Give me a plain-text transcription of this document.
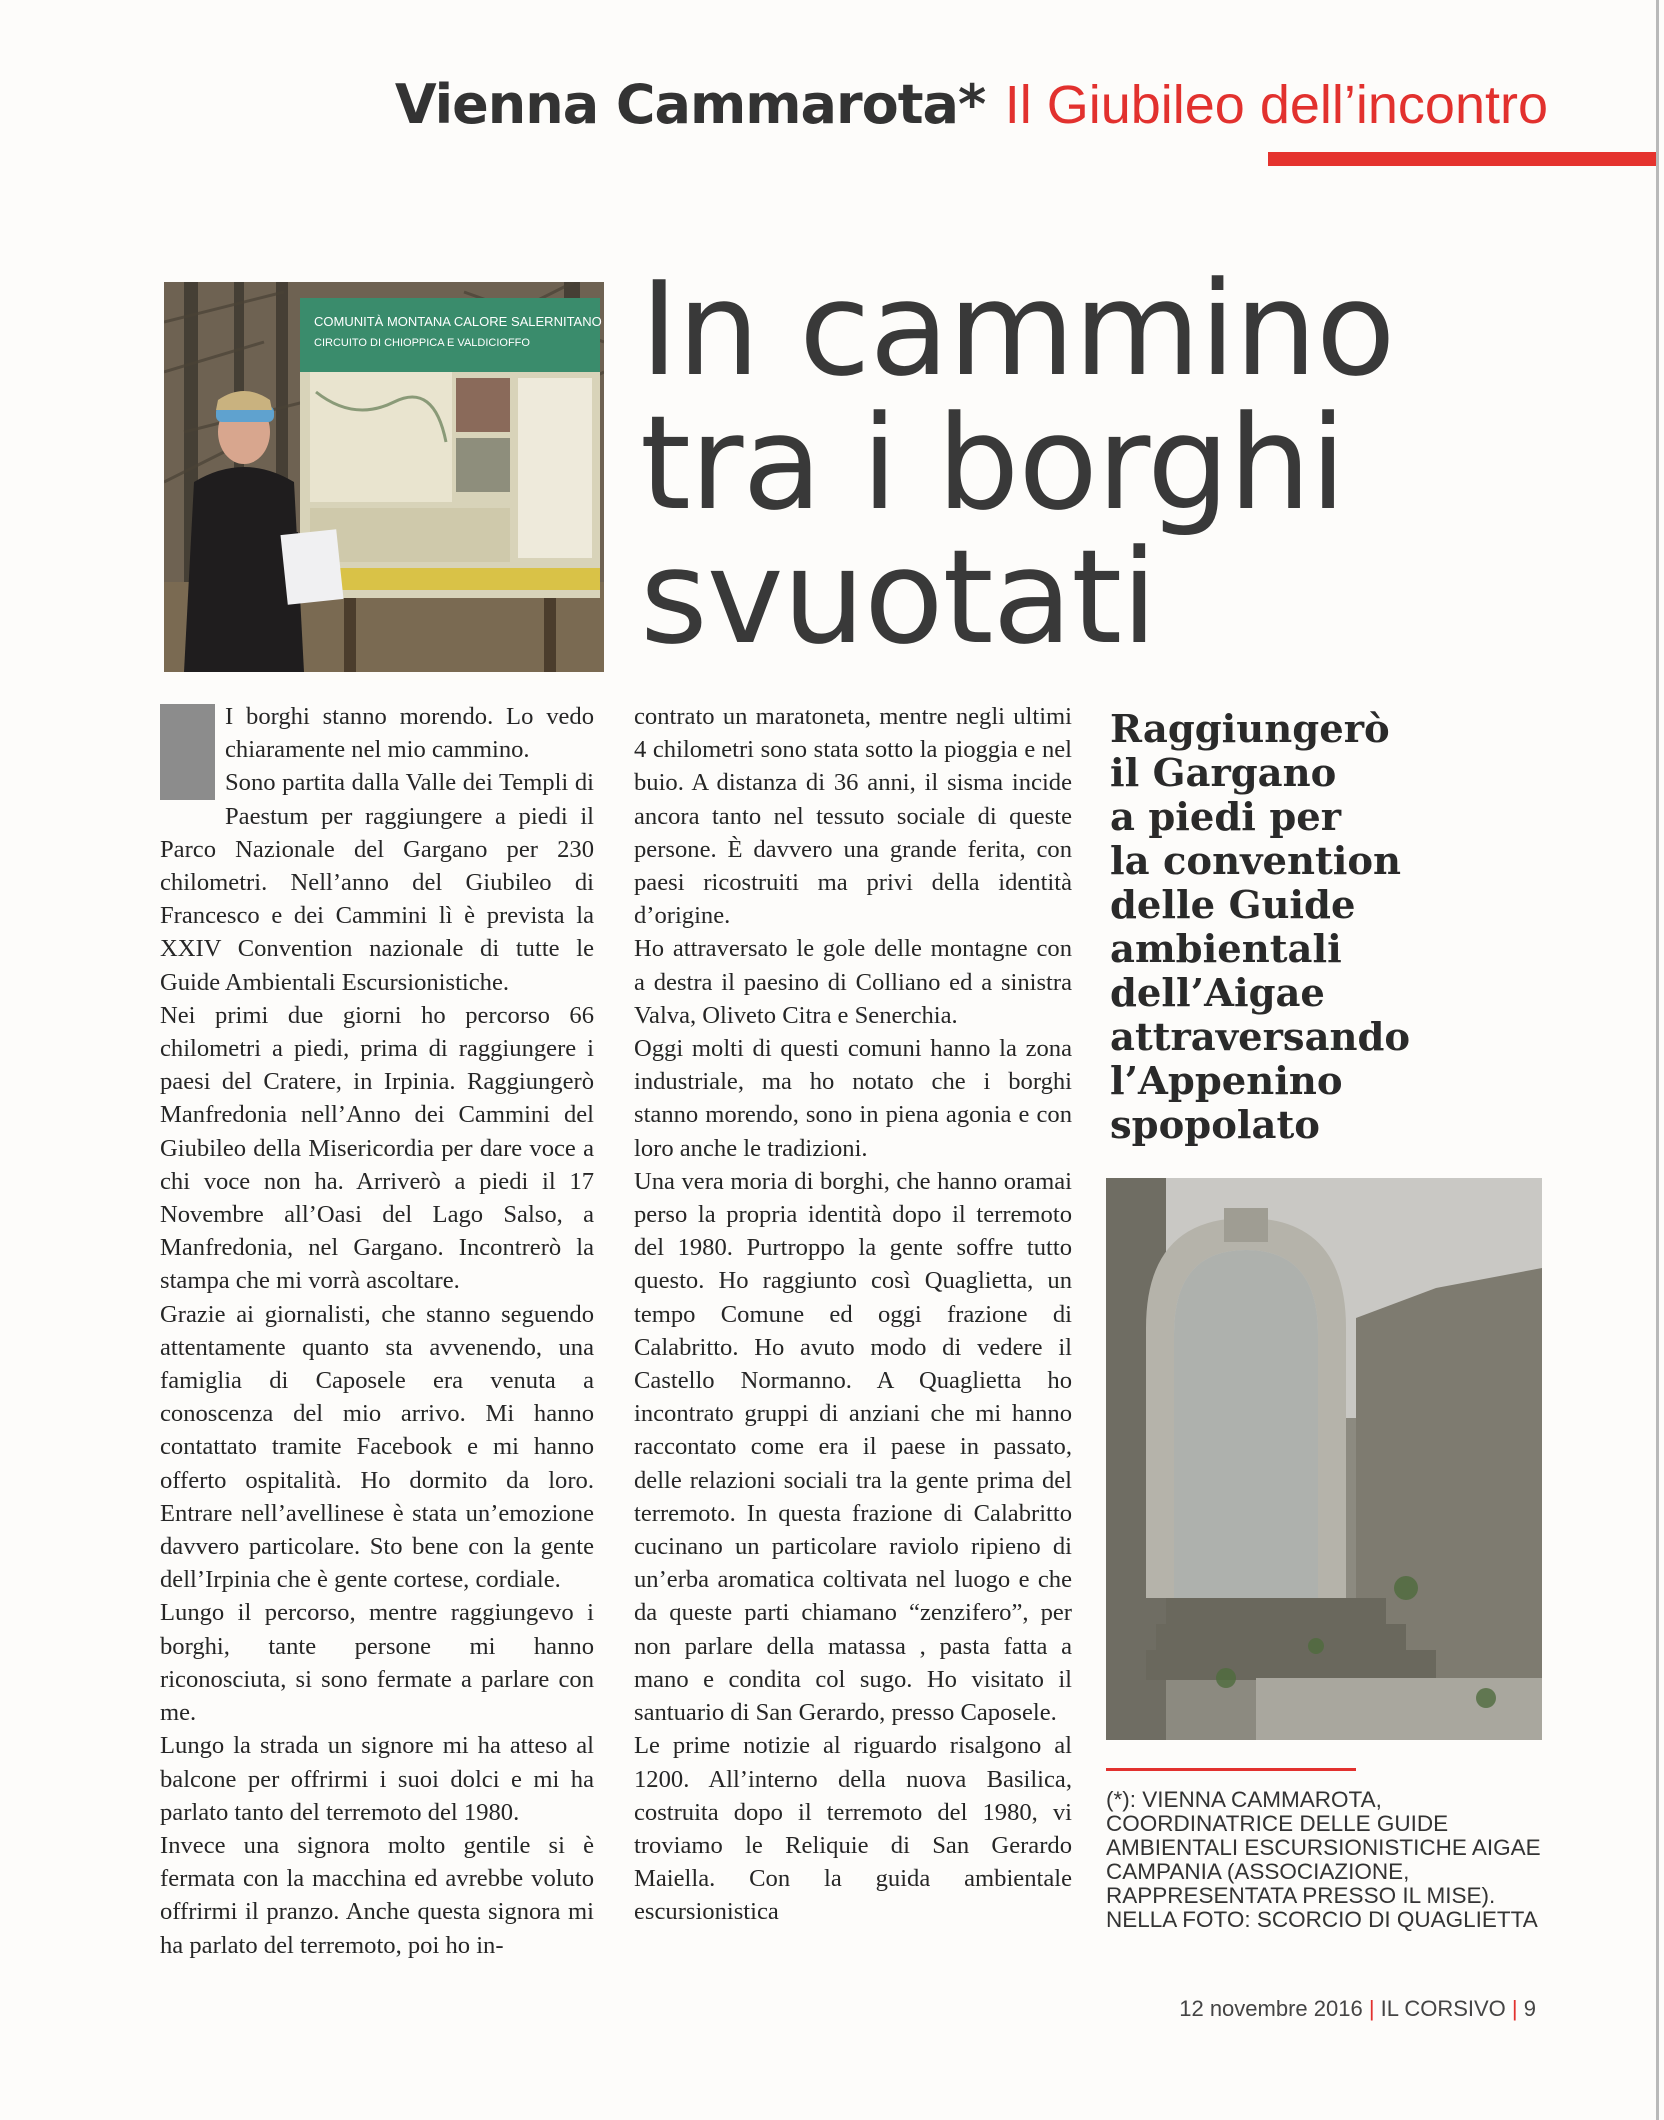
Vienna Cammarota* Il Giubileo dell’incontro
COMUNITÀ MONTANA CALORE SALERNITANO
CIRCUITO DI CHIOPPICA E VALDICIOFFO In cammino
tra i borghi
svuotati

I borghi stanno morendo. Lo vedo chiaramente nel mio cammino.

Sono partita dalla Valle dei Templi di Paestum per raggiungere a piedi il Parco Nazionale del Gargano per 230 chilometri. Nell’anno del Giubileo di Francesco e dei Cammini lì è prevista la XXIV Convention nazionale di tutte le Guide Ambientali Escursionistiche.

Nei primi due giorni ho percorso 66 chilometri a piedi, prima di raggiungere i paesi del Cratere, in Irpinia. Raggiungerò Manfredonia nell’Anno dei Cammini del Giubileo della Misericordia per dare voce a chi voce non ha. Arriverò a piedi il 17 Novembre all’Oasi del Lago Salso, a Manfredonia, nel Gargano. Incontrerò la stampa che mi vorrà ascoltare.

Grazie ai giornalisti, che stanno seguendo attentamente quanto sta avvenendo, una famiglia di Caposele era venuta a conoscenza del mio arrivo. Mi hanno contattato tramite Facebook e mi hanno offerto ospitalità. Ho dormito da loro. Entrare nell’avellinese è stata un’emozione davvero particolare. Sto bene con la gente dell’Irpinia che è gente cortese, cordiale.

Lungo il percorso, mentre raggiungevo i borghi, tante persone mi hanno riconosciuta, si sono fermate a parlare con me.

Lungo la strada un signore mi ha atteso al balcone per offrirmi i suoi dolci e mi ha parlato tanto del terremoto del 1980.

Invece una signora molto gentile si è fermata con la macchina ed avrebbe voluto offrirmi il pranzo. Anche questa signora mi ha parlato del terremoto, poi ho in-

contrato un maratoneta, mentre negli ultimi 4 chilometri sono stata sotto la pioggia e nel buio. A distanza di 36 anni, il sisma incide ancora tanto nel tessuto sociale di queste persone. È davvero una grande ferita, con paesi ricostruiti ma privi della identità d’origine.

Ho attraversato le gole delle montagne con a destra il paesino di Colliano ed a sinistra Valva, Oliveto Citra e Senerchia.

Oggi molti di questi comuni hanno la zona industriale, ma ho notato che i borghi stanno morendo, sono in piena agonia e con loro anche le tradizioni.

Una vera moria di borghi, che hanno oramai perso la propria identità dopo il terremoto del 1980. Purtroppo la gente soffre tutto questo. Ho raggiunto così Quaglietta, un tempo Comune ed oggi frazione di Calabritto. Ho avuto modo di vedere il Castello Normanno. A Quaglietta ho incontrato gruppi di anziani che mi hanno raccontato come era il paese in passato, delle relazioni sociali tra la gente prima del terremoto. In questa frazione di Calabritto cucinano un particolare raviolo ripieno di un’erba aromatica coltivata nel luogo e che da queste parti chiamano “zenzifero”, per non parlare della matassa , pasta fatta a mano e condita col sugo. Ho visitato il santuario di San Gerardo, presso Caposele.

Le prime notizie al riguardo risalgono al 1200. All’interno della nuova Basilica, costruita dopo il terremoto del 1980, vi troviamo le Reliquie di San Gerardo Maiella. Con la guida ambientale escursionistica

Raggiungerò
il Gargano
a piedi per
la convention
delle Guide
ambientali
dell’Aigae
attraversando
l’Appenino
spopolato
(*): VIENNA CAMMAROTA,
COORDINATRICE DELLE GUIDE
AMBIENTALI ESCURSIONISTICHE AIGAE
CAMPANIA (ASSOCIAZIONE,
RAPPRESENTATA PRESSO IL MISE).
NELLA FOTO: SCORCIO DI QUAGLIETTA
12 novembre 2016 | IL CORSIVO | 9
